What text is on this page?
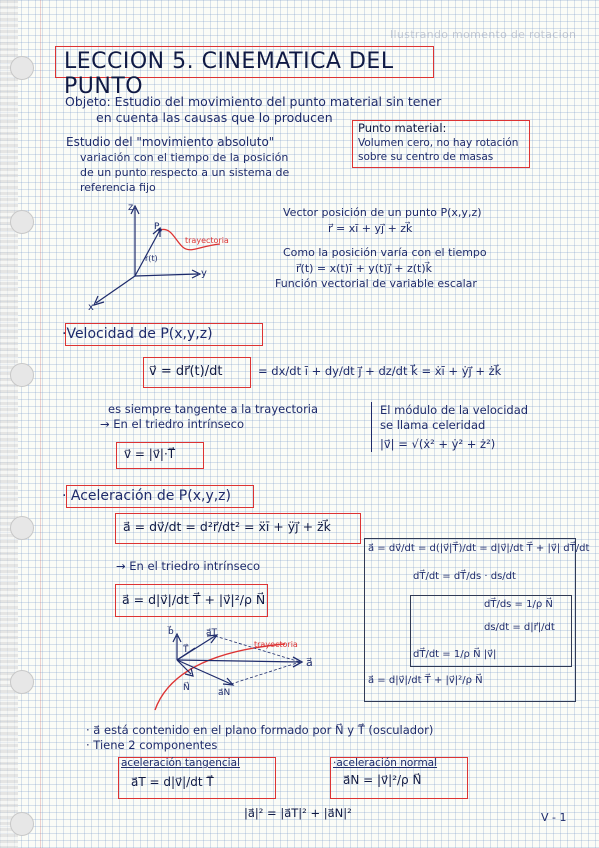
Ilustrando momento de rotacion
LECCION 5. CINEMATICA DEL PUNTO
Objeto: Estudio del movimiento del punto material sin tener
en cuenta las causas que lo producen
Punto material:
Volumen cero, no hay rotación
sobre su centro de masas
Estudio del "movimiento absoluto"
variación con el tiempo de la posición
de un punto respecto a un sistema de
referencia fijo
z
y
x
P
r(t)
trayectoria
Vector posición de un punto P(x,y,z)
r⃗ = xī + yj⃗ + zk⃗
Como la posición varía con el tiempo
r⃗(t) = x(t)ī + y(t)j⃗ + z(t)k⃗
Función vectorial de variable escalar
·Velocidad de P(x,y,z)
v⃗ = dr⃗(t)/dt	= dx/dt ī + dy/dt j⃗ + dz/dt k⃗ = ẋī + ẏj⃗ + żk⃗
es siempre tangente a la trayectoria
→ En el triedro intrínseco
v⃗ = |v⃗|·T⃗
El módulo de la velocidad
se llama celeridad
|v⃗| = √(ẋ² + ẏ² + ż²)
· Aceleración de P(x,y,z)
a⃗ = dv⃗/dt = d²r⃗/dt² = ẍī + ÿj⃗ + z̈k⃗
→ En el triedro intrínseco
a⃗ = d|v⃗|/dt T⃗ + |v⃗|²/ρ N⃗
a⃗ = dv⃗/dt = d(|v⃗|T⃗)/dt = d|v⃗|/dt T⃗ + |v⃗| dT⃗/dt
dT⃗/dt = dT⃗/ds · ds/dt
dT⃗/ds = 1/ρ N⃗
ds/dt = d|r⃗|/dt
dT⃗/dt = 1/ρ N⃗ |v⃗|
a⃗ = d|v⃗|/dt T⃗ + |v⃗|²/ρ N⃗
b⃗
T⃗
N⃗
a⃗T
a⃗N
a⃗
trayectoria
· a⃗ está contenido en el plano formado por N⃗ y T⃗ (osculador)
· Tiene 2 componentes
aceleración tangencial
a⃗T = d|v⃗|/dt T⃗
·aceleración normal
a⃗N = |v⃗|²/ρ N⃗
|a⃗|² = |a⃗T|² + |a⃗N|²	V - 1
